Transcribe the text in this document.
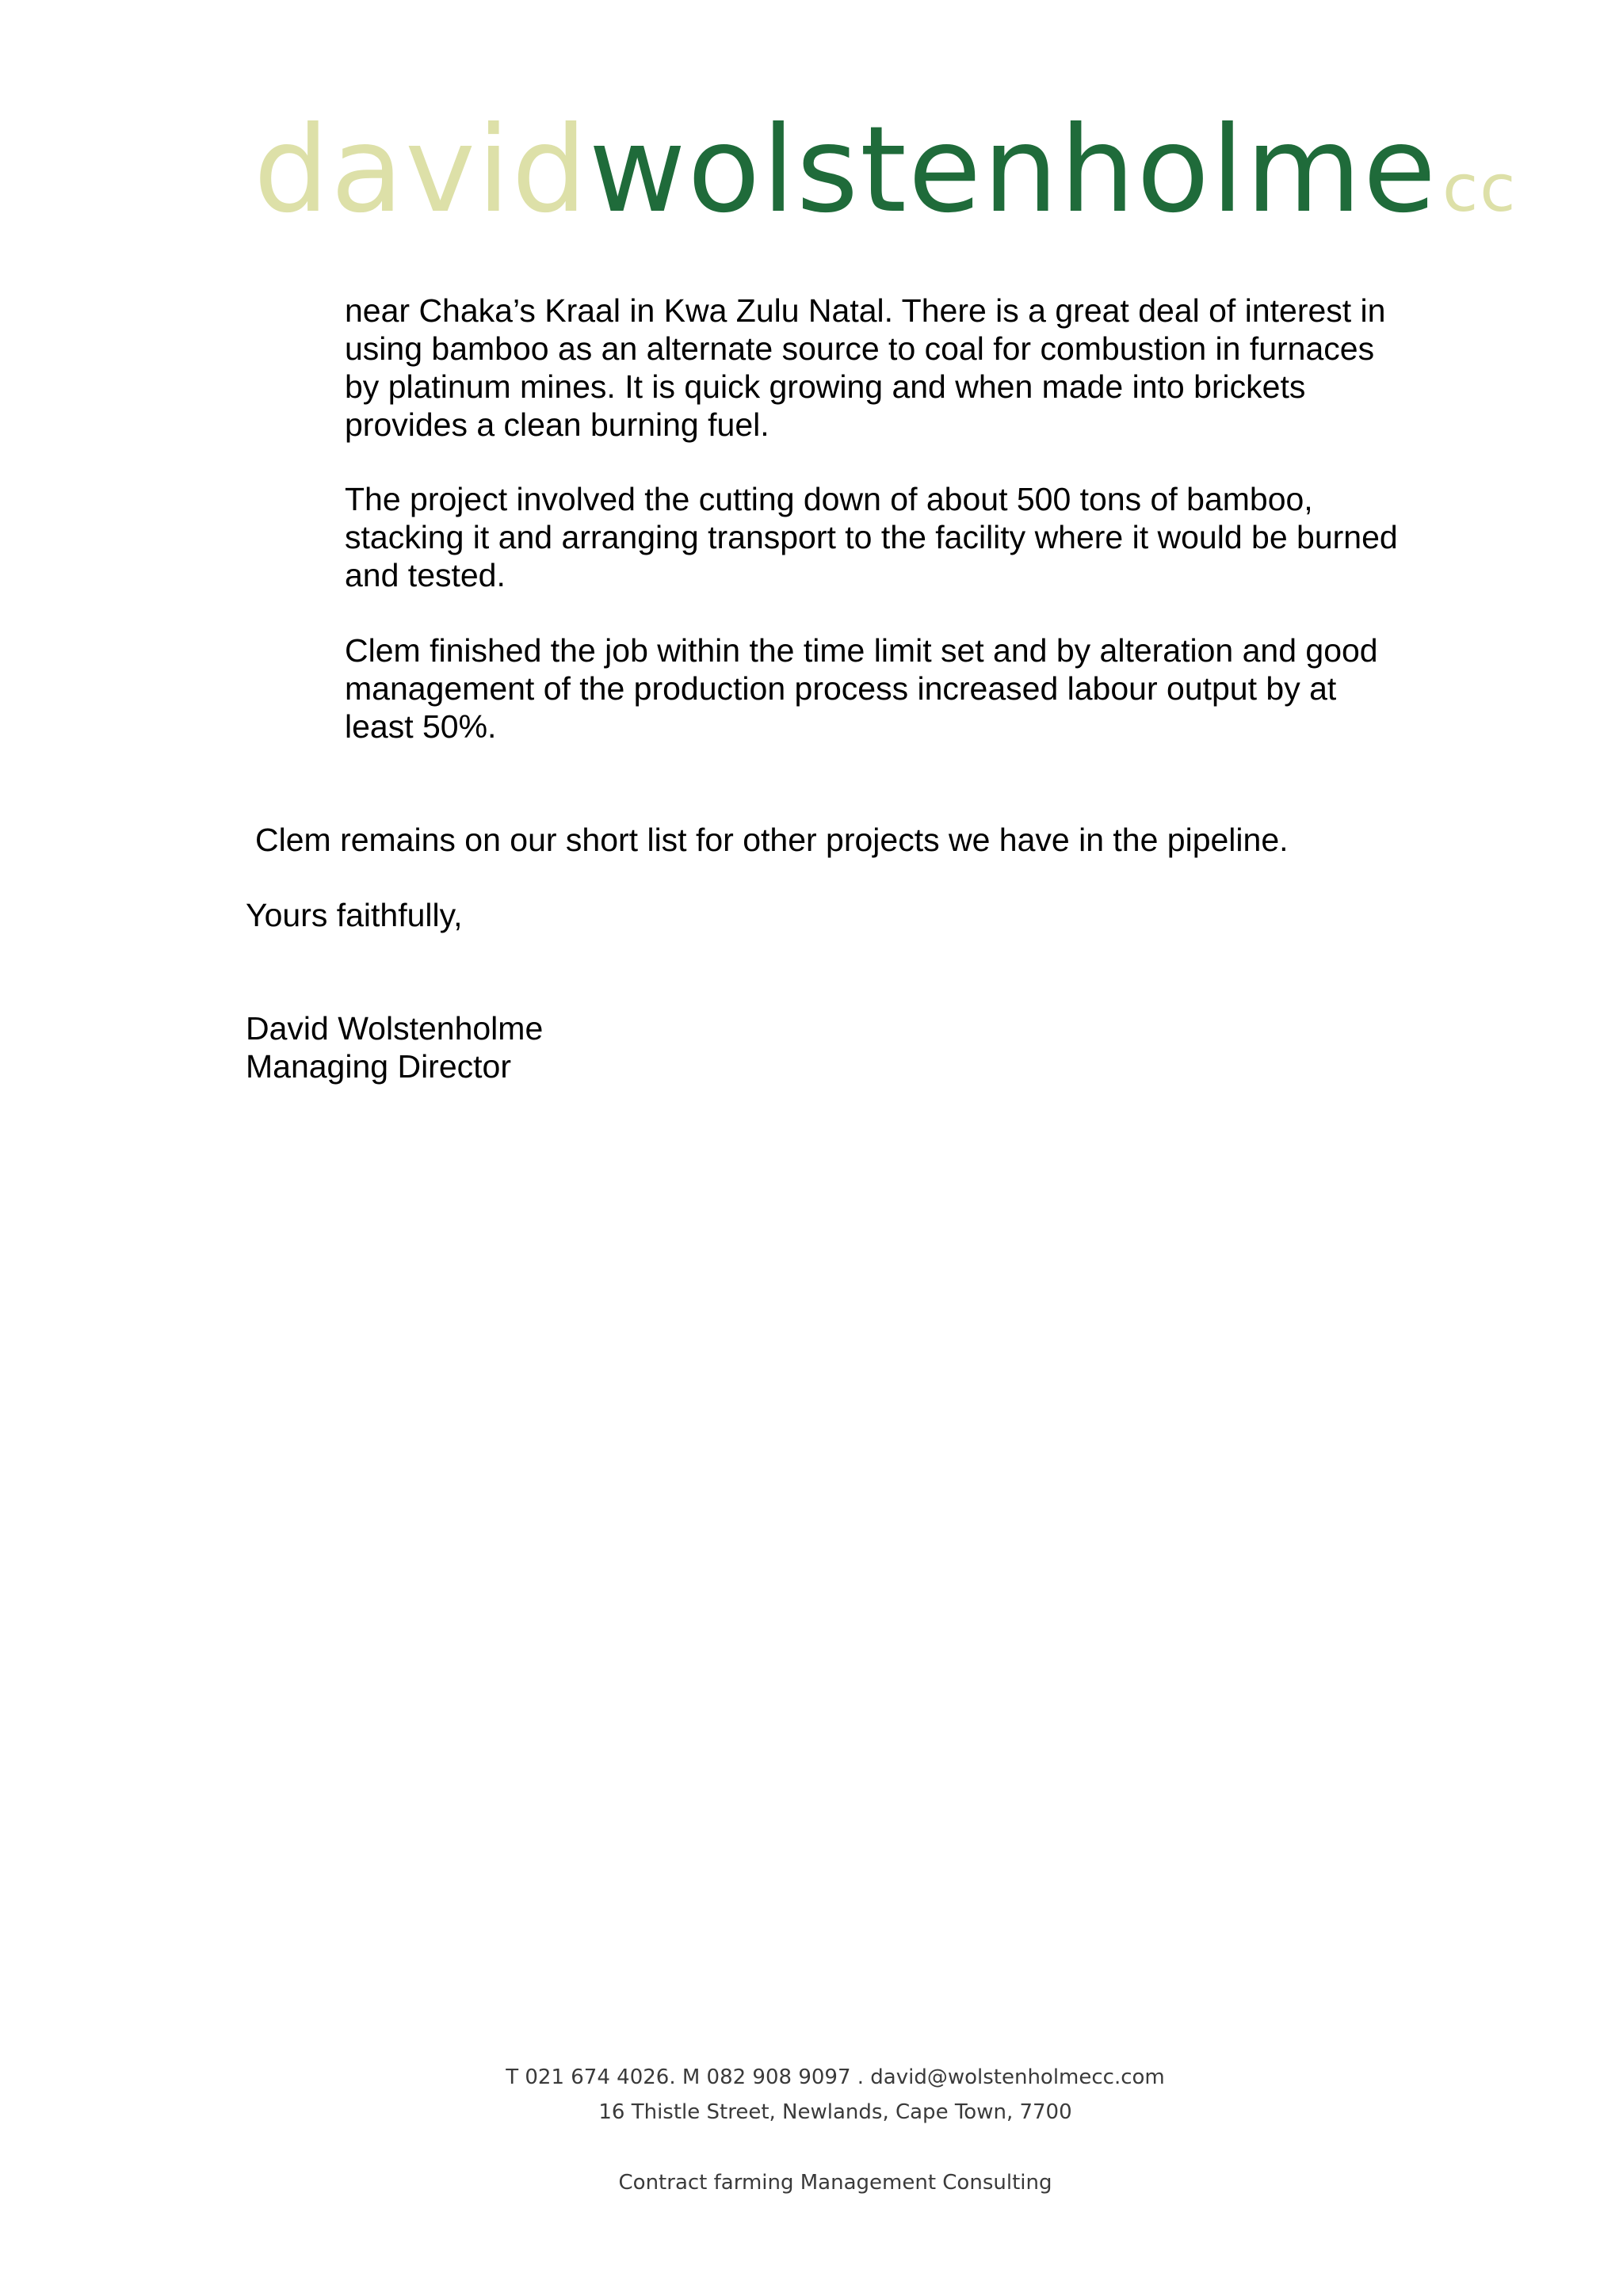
davidwolstenholmecc

near Chaka’s Kraal in Kwa Zulu Natal. There is a great deal of interest in using bamboo as an alternate source to coal for combustion in furnaces by platinum mines. It is quick growing and when made into brickets provides a clean burning fuel.

The project involved the cutting down of about 500 tons of bamboo, stacking it and arranging transport to the facility where it would be burned and tested.

Clem finished the job within the time limit set and by alteration and good management of the production process increased labour output by at least 50%.

Clem remains on our short list for other projects we have in the pipeline.

Yours faithfully,

David Wolstenholme

Managing Director

T 021 674 4026. M 082 908 9097 . david@wolstenholmecc.com

16 Thistle Street, Newlands, Cape Town, 7700

Contract farming Management Consulting
